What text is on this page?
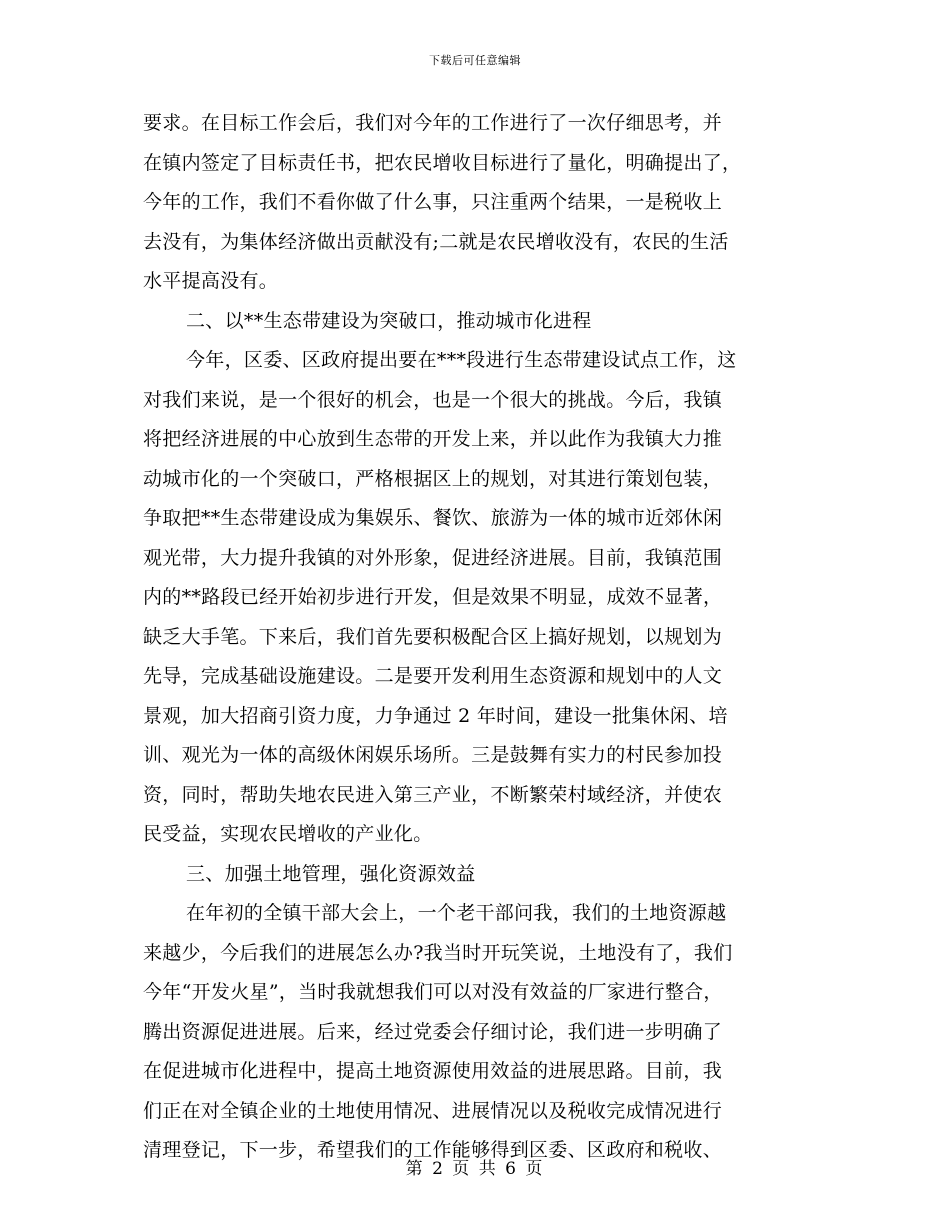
下载后可任意编辑
要求。在目标工作会后，我们对今年的工作进行了一次仔细思考，并
在镇内签定了目标责任书，把农民增收目标进行了量化，明确提出了，
今年的工作，我们不看你做了什么事，只注重两个结果，一是税收上
去没有，为集体经济做出贡献没有;二就是农民增收没有，农民的生活
水平提高没有。
二、以**生态带建设为突破口，推动城市化进程
今年，区委、区政府提出要在***段进行生态带建设试点工作，这
对我们来说，是一个很好的机会，也是一个很大的挑战。今后，我镇
将把经济进展的中心放到生态带的开发上来，并以此作为我镇大力推
动城市化的一个突破口，严格根据区上的规划，对其进行策划包装，
争取把**生态带建设成为集娱乐、餐饮、旅游为一体的城市近郊休闲
观光带，大力提升我镇的对外形象，促进经济进展。目前，我镇范围
内的**路段已经开始初步进行开发，但是效果不明显，成效不显著，
缺乏大手笔。下来后，我们首先要积极配合区上搞好规划，以规划为
先导，完成基础设施建设。二是要开发利用生态资源和规划中的人文
景观，加大招商引资力度，力争通过 2 年时间，建设一批集休闲、培
训、观光为一体的高级休闲娱乐场所。三是鼓舞有实力的村民参加投
资，同时，帮助失地农民进入第三产业，不断繁荣村域经济，并使农
民受益，实现农民增收的产业化。
三、加强土地管理，强化资源效益
在年初的全镇干部大会上，一个老干部问我，我们的土地资源越
来越少，今后我们的进展怎么办?我当时开玩笑说，土地没有了，我们
今年“开发火星”，当时我就想我们可以对没有效益的厂家进行整合，
腾出资源促进进展。后来，经过党委会仔细讨论，我们进一步明确了
在促进城市化进程中，提高土地资源使用效益的进展思路。目前，我
们正在对全镇企业的土地使用情况、进展情况以及税收完成情况进行
清理登记，下一步，希望我们的工作能够得到区委、区政府和税收、
第 2 页 共 6 页
